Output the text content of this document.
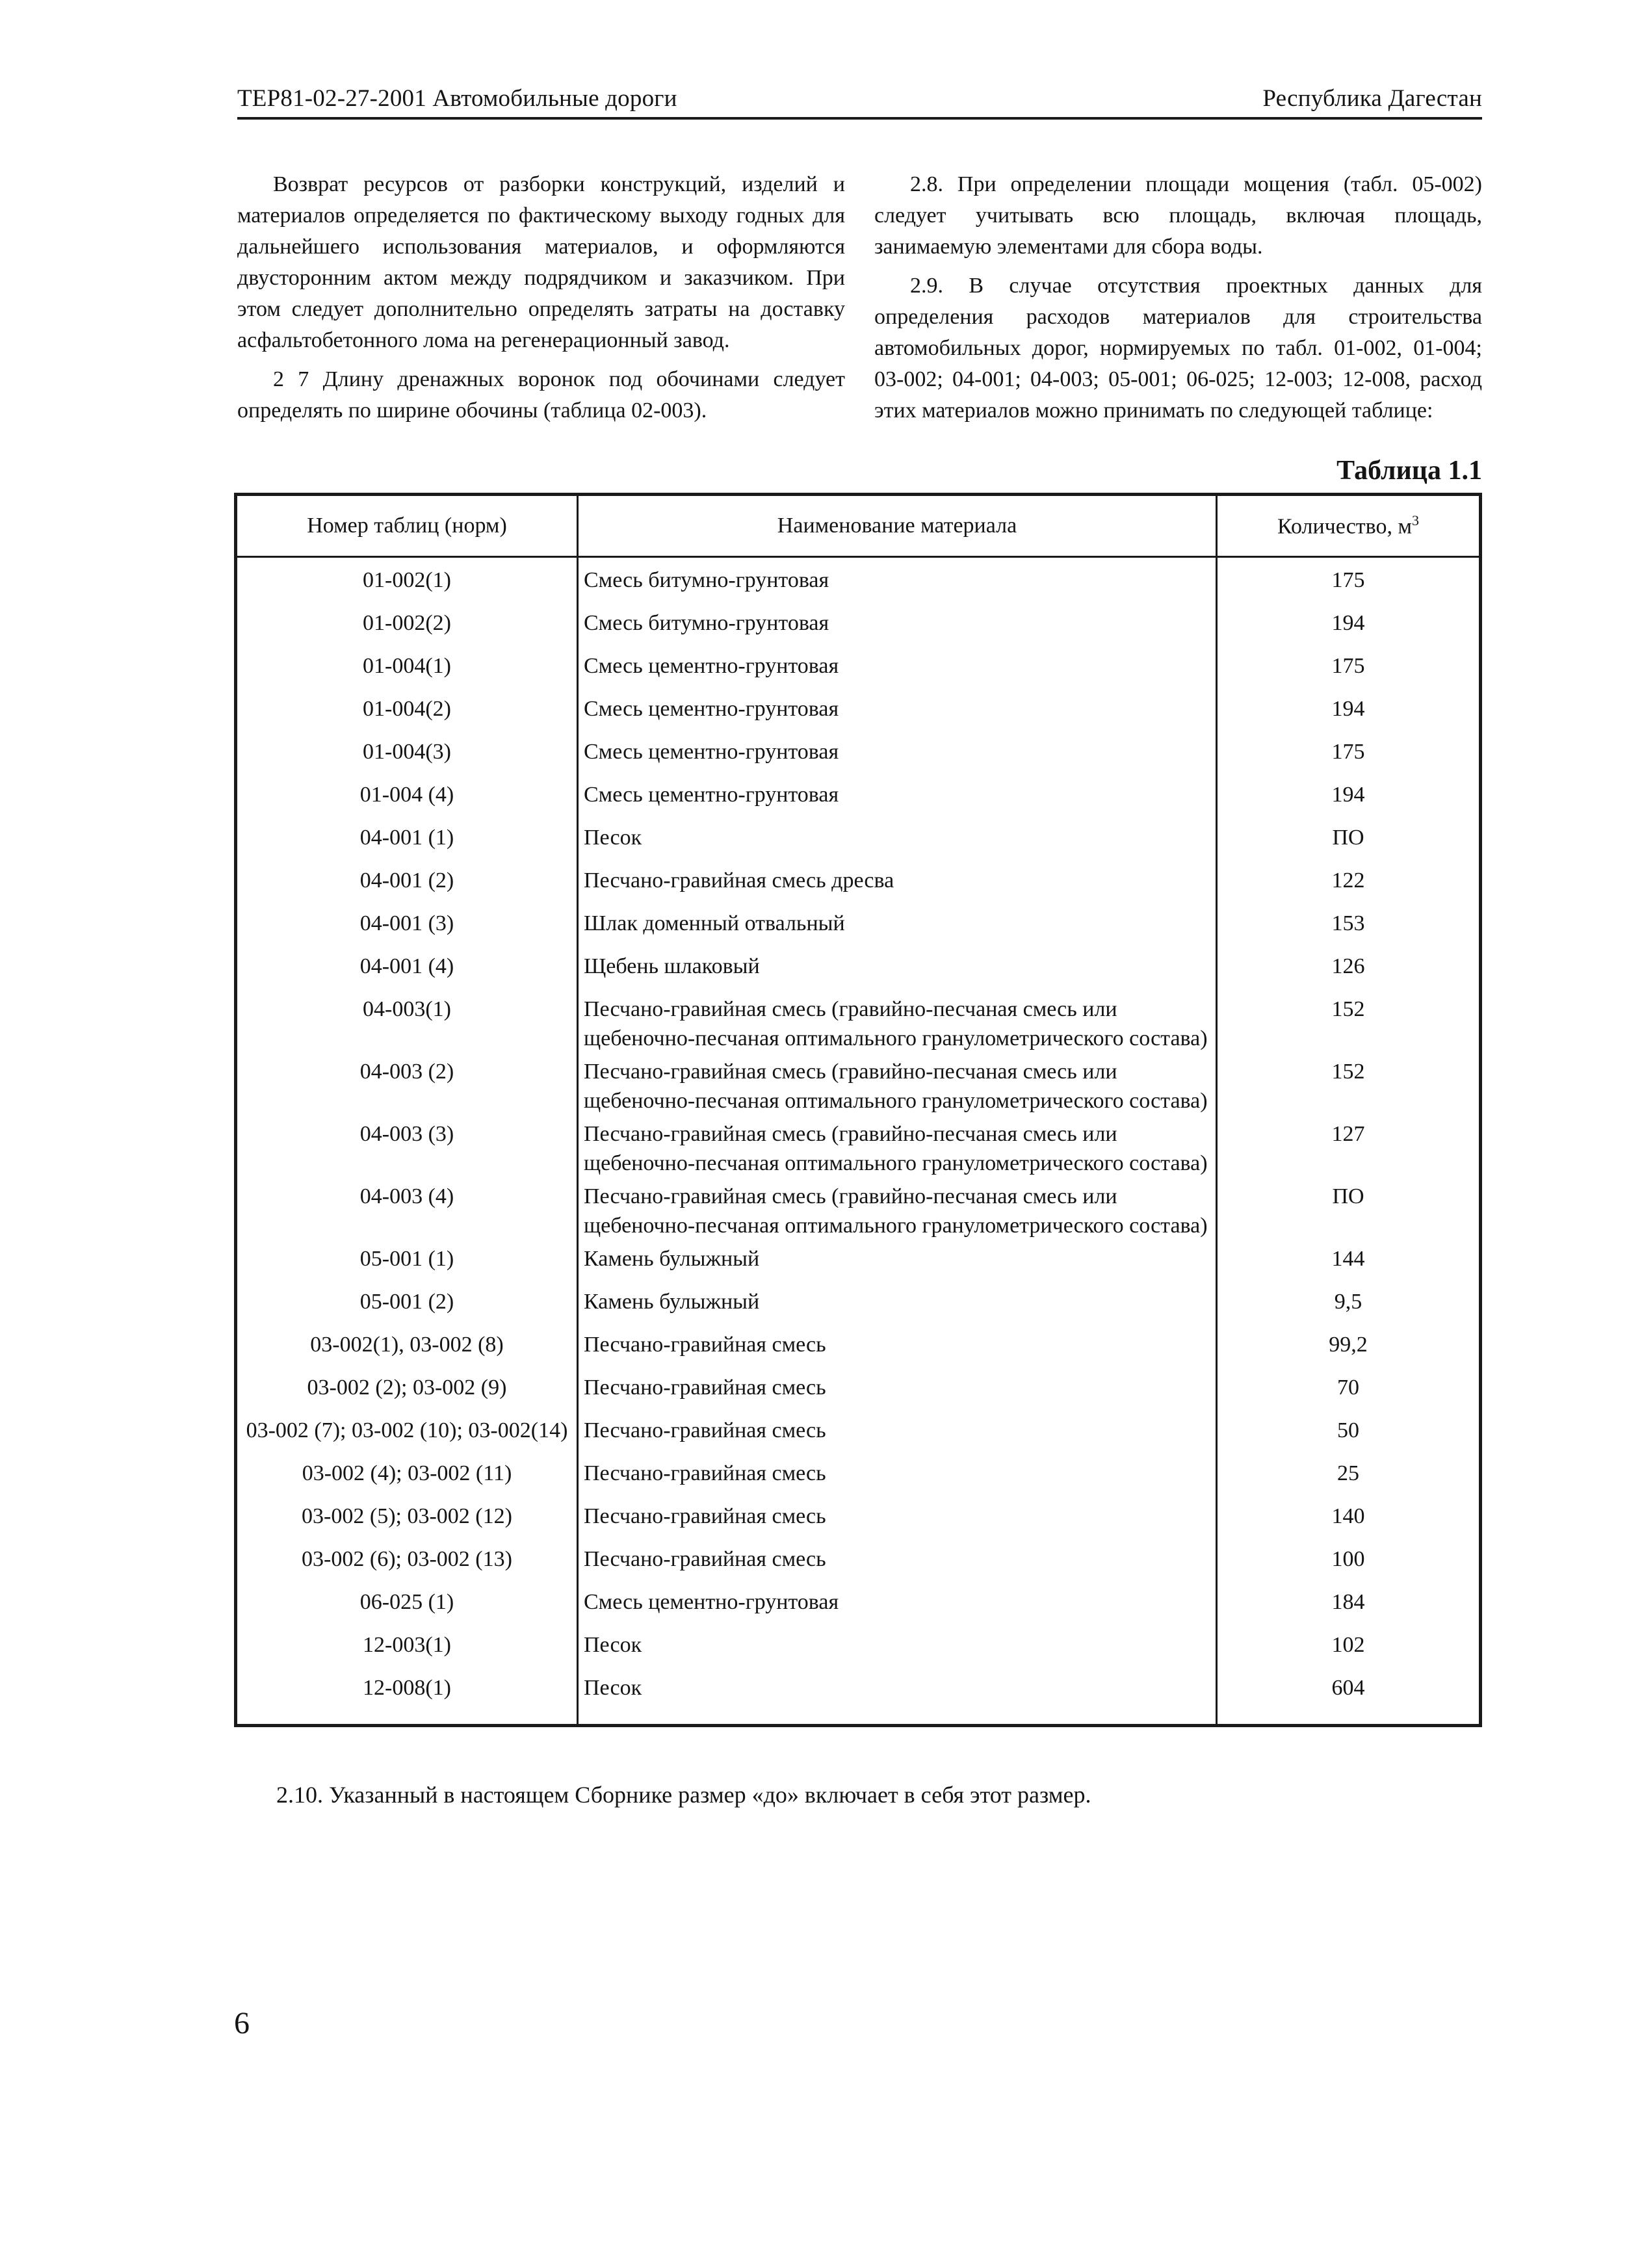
ТЕР81-02-27-2001 Автомобильные дороги	Республика Дагестан

Возврат ресурсов от разборки конструкций, изделий и материалов определяется по фактическому выходу годных для дальнейшего использования материалов, и оформляются двусторонним актом между подрядчиком и заказчиком. При этом следует дополнительно определять затраты на доставку асфальтобетонного лома на регенерационный завод.

2 7 Длину дренажных воронок под обочинами следует определять по ширине обочины (таблица 02-003).

2.8. При определении площади мощения (табл. 05-002) следует учитывать всю площадь, включая площадь, занимаемую элементами для сбора воды.

2.9. В случае отсутствия проектных данных для определения расходов материалов для строительства автомобильных дорог, нормируемых по табл. 01-002, 01-004; 03-002; 04-001; 04-003; 05-001; 06-025; 12-003; 12-008, расход этих материалов можно принимать по следующей таблице:

Таблица 1.1
Номер таблиц (норм)	Наименование материала	Количество, $м^3$
01-002(1)	Смесь битумно-грунтовая	175
01-002(2)	Смесь битумно-грунтовая	194
01-004(1)	Смесь цементно-грунтовая	175
01-004(2)	Смесь цементно-грунтовая	194
01-004(3)	Смесь цементно-грунтовая	175
01-004 (4)	Смесь цементно-грунтовая	194
04-001 (1)	Песок	ПО
04-001 (2)	Песчано-гравийная смесь дресва	122
04-001 (3)	Шлак доменный отвальный	153
04-001 (4)	Щебень шлаковый	126
04-003(1)	Песчано-гравийная смесь (гравийно-песчаная смесь или щебеночно-песчаная оптимального гранулометрического состава)	152
04-003 (2)	Песчано-гравийная смесь (гравийно-песчаная смесь или щебеночно-песчаная оптимального гранулометрического состава)	152
04-003 (3)	Песчано-гравийная смесь (гравийно-песчаная смесь или щебеночно-песчаная оптимального гранулометрического состава)	127
04-003 (4)	Песчано-гравийная смесь (гравийно-песчаная смесь или щебеночно-песчаная оптимального гранулометрического состава)	ПО
05-001 (1)	Камень булыжный	144
05-001 (2)	Камень булыжный	9,5
03-002(1), 03-002 (8)	Песчано-гравийная смесь	99,2
03-002 (2); 03-002 (9)	Песчано-гравийная смесь	70
03-002 (7); 03-002 (10); 03-002(14)	Песчано-гравийная смесь	50
03-002 (4); 03-002 (11)	Песчано-гравийная смесь	25
03-002 (5); 03-002 (12)	Песчано-гравийная смесь	140
03-002 (6); 03-002 (13)	Песчано-гравийная смесь	100
06-025 (1)	Смесь цементно-грунтовая	184
12-003(1)	Песок	102
12-008(1)	Песок	604
2.10. Указанный в настоящем Сборнике размер «до» включает в себя этот размер.
6
